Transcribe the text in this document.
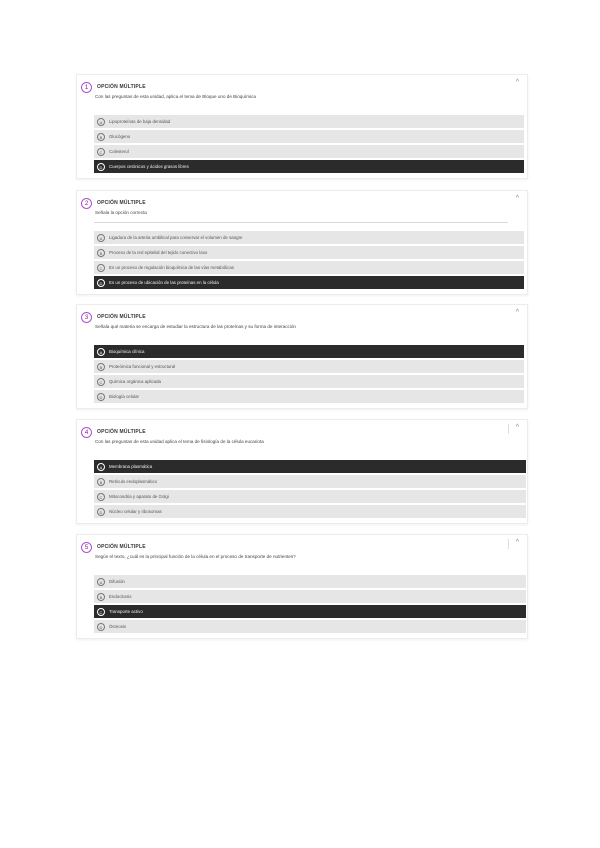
1	OPCIÓN MÚLTIPLE
^
Con las preguntas de esta unidad, aplica el tema de Bloque uno de Bioquímica
A	Lipoproteínas de baja densidad
B	Glucógeno
C	Colesterol
D	Cuerpos cetónicos y ácidos grasos libres
2	OPCIÓN MÚLTIPLE
^
Señala la opción correcta
A	Ligadura de la arteria umbilical para conservar el volumen de sangre
B	Proceso de la red epitelial del tejido conectivo laxo
C	Es un proceso de regulación bioquímica de las vías metabólicas
D	Es un proceso de ubicación de las proteínas en la célula
3	OPCIÓN MÚLTIPLE
^
Señala qué materia se encarga de estudiar la estructura de las proteínas y su forma de interacción
A	Bioquímica clínica
B	Proteómica funcional y estructural
C	Química orgánica aplicada
D	Biología celular
4	OPCIÓN MÚLTIPLE
^
Con las preguntas de esta unidad aplica el tema de fisiología de la célula eucariota
A	Membrana plasmática
B	Retículo endoplasmático
C	Mitocondria y aparato de Golgi
D	Núcleo celular y ribosomas
5	OPCIÓN MÚLTIPLE
^
Según el texto, ¿cuál es la principal función de la célula en el proceso de transporte de nutrientes?
A	Difusión
B	Endocitosis
C	Transporte activo
D	Ósmosis
